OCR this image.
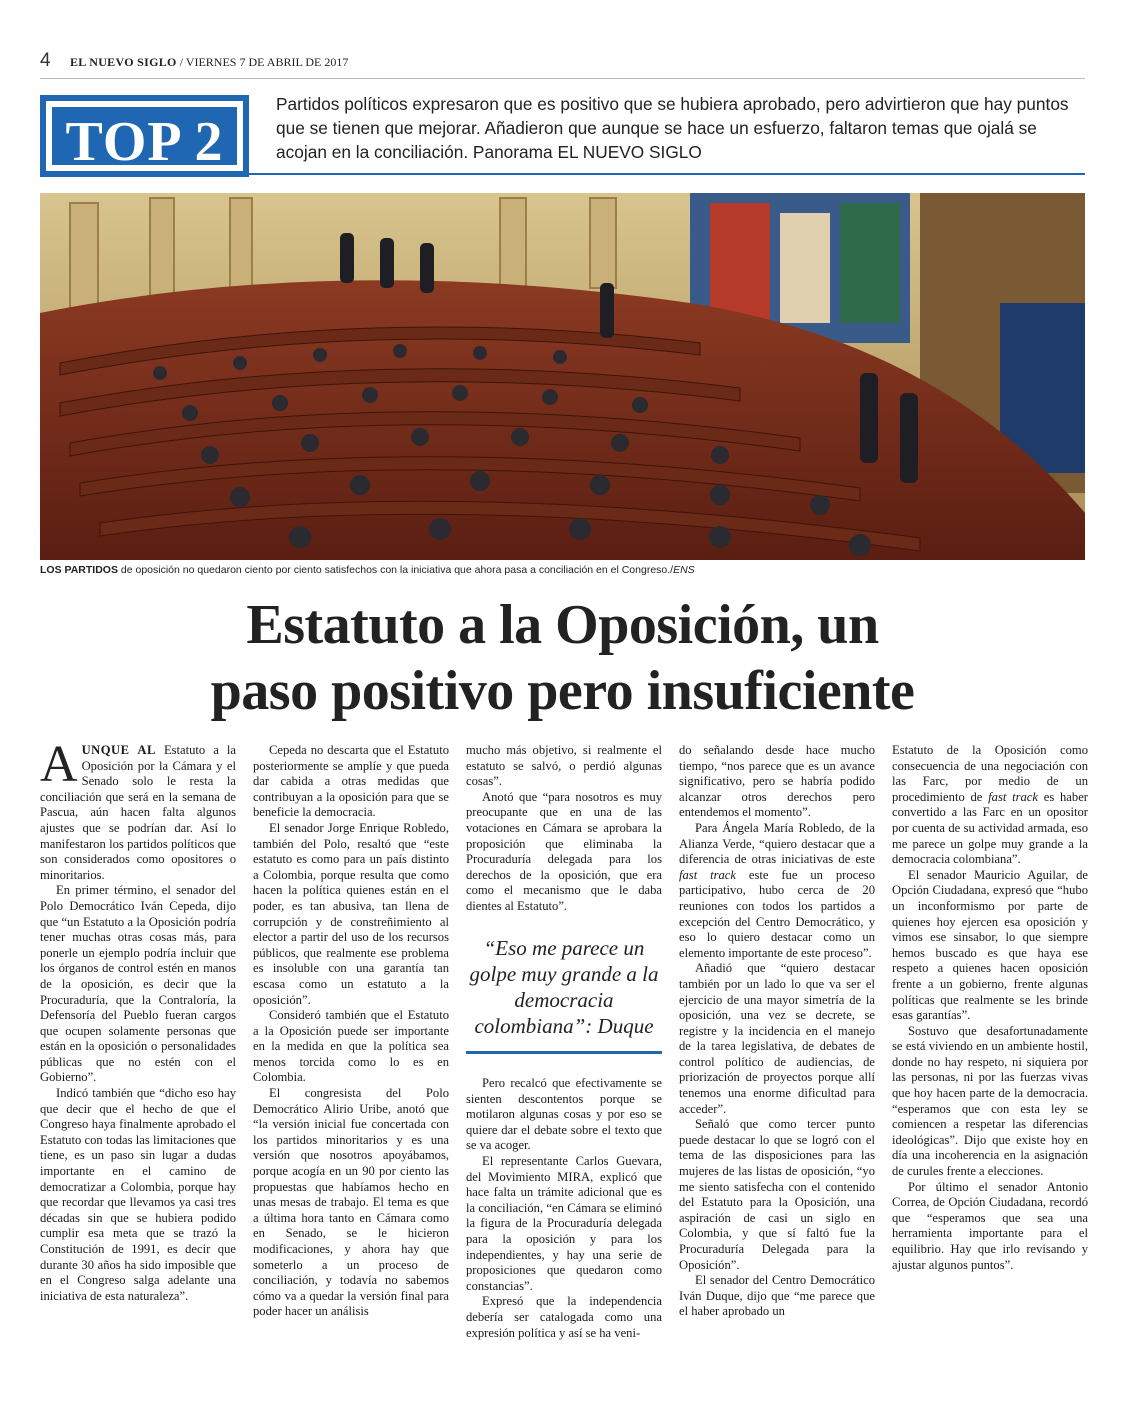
4 EL NUEVO SIGLO / VIERNES 7 DE ABRIL DE 2017
TOP 2
Partidos políticos expresaron que es positivo que se hubiera aprobado, pero advirtieron que hay puntos que se tienen que mejorar. Añadieron que aunque se hace un esfuerzo, faltaron temas que ojalá se acojan en la conciliación. Panorama EL NUEVO SIGLO
LOS PARTIDOS de oposición no quedaron ciento por ciento satisfechos con la iniciativa que ahora pasa a conciliación en el Congreso./ENS
Estatuto a la Oposición, un
paso positivo pero insuficiente

AUNQUE AL Estatuto a la Oposición por la Cámara y el Senado solo le resta la conciliación que será en la semana de Pascua, aún hacen falta algunos ajustes que se podrían dar. Así lo manifestaron los partidos políticos que son considerados como opositores o minoritarios.

En primer término, el senador del Polo Democrático Iván Cepeda, dijo que “un Estatuto a la Oposición podría tener muchas otras cosas más, para ponerle un ejemplo podría incluir que los órganos de control estén en manos de la oposición, es decir que la Procuraduría, que la Contraloría, la Defensoría del Pueblo fueran cargos que ocupen solamente personas que están en la oposición o personalidades públicas que no estén con el Gobierno”.

Indicó también que “dicho eso hay que decir que el hecho de que el Congreso haya finalmente aprobado el Estatuto con todas las limitaciones que tiene, es un paso sin lugar a dudas importante en el camino de democratizar a Colombia, porque hay que recordar que llevamos ya casi tres décadas sin que se hubiera podido cumplir esa meta que se trazó la Constitución de 1991, es decir que durante 30 años ha sido imposible que en el Congreso salga adelante una iniciativa de esta naturaleza”.

Cepeda no descarta que el Estatuto posteriormente se amplíe y que pueda dar cabida a otras medidas que contribuyan a la oposición para que se beneficie la democracia.

El senador Jorge Enrique Robledo, también del Polo, resaltó que “este estatuto es como para un país distinto a Colombia, porque resulta que como hacen la política quienes están en el poder, es tan abusiva, tan llena de corrupción y de constreñimiento al elector a partir del uso de los recursos públicos, que realmente ese problema es insoluble con una garantía tan escasa como un estatuto a la oposición”.

Consideró también que el Estatuto a la Oposición puede ser importante en la medida en que la política sea menos torcida como lo es en Colombia.

El congresista del Polo Democrático Alirio Uribe, anotó que “la versión inicial fue concertada con los partidos minoritarios y es una versión que nosotros apoyábamos, porque acogía en un 90 por ciento las propuestas que habíamos hecho en unas mesas de trabajo. El tema es que a última hora tanto en Cámara como en Senado, se le hicieron modificaciones, y ahora hay que someterlo a un proceso de conciliación, y todavía no sabemos cómo va a quedar la versión final para poder hacer un análisis

mucho más objetivo, si realmente el estatuto se salvó, o perdió algunas cosas”.

Anotó que “para nosotros es muy preocupante que en una de las votaciones en Cámara se aprobara la proposición que eliminaba la Procuraduría delegada para los derechos de la oposición, que era como el mecanismo que le daba dientes al Estatuto”.

“Eso me parece un golpe muy grande a la democracia colombiana”: Duque

Pero recalcó que efectivamente se sienten descontentos porque se motilaron algunas cosas y por eso se quiere dar el debate sobre el texto que se va acoger.

El representante Carlos Guevara, del Movimiento MIRA, explicó que hace falta un trámite adicional que es la conciliación, “en Cámara se eliminó la figura de la Procuraduría delegada para la oposición y para los independientes, y hay una serie de proposiciones que quedaron como constancias”.

Expresó que la independencia debería ser catalogada como una expresión política y así se ha veni-

do señalando desde hace mucho tiempo, “nos parece que es un avance significativo, pero se habría podido alcanzar otros derechos pero entendemos el momento”.

Para Ángela María Robledo, de la Alianza Verde, “quiero destacar que a diferencia de otras iniciativas de este fast track este fue un proceso participativo, hubo cerca de 20 reuniones con todos los partidos a excepción del Centro Democrático, y eso lo quiero destacar como un elemento importante de este proceso”.

Añadió que “quiero destacar también por un lado lo que va ser el ejercicio de una mayor simetría de la oposición, una vez se decrete, se registre y la incidencia en el manejo de la tarea legislativa, de debates de control político de audiencias, de priorización de proyectos porque allí tenemos una enorme dificultad para acceder”.

Señaló que como tercer punto puede destacar lo que se logró con el tema de las disposiciones para las mujeres de las listas de oposición, “yo me siento satisfecha con el contenido del Estatuto para la Oposición, una aspiración de casi un siglo en Colombia, y que sí faltó fue la Procuraduría Delegada para la Oposición”.

El senador del Centro Democrático Iván Duque, dijo que “me parece que el haber aprobado un

Estatuto de la Oposición como consecuencia de una negociación con las Farc, por medio de un procedimiento de fast track es haber convertido a las Farc en un opositor por cuenta de su actividad armada, eso me parece un golpe muy grande a la democracia colombiana”.

El senador Mauricio Aguilar, de Opción Ciudadana, expresó que “hubo un inconformismo por parte de quienes hoy ejercen esa oposición y vimos ese sinsabor, lo que siempre hemos buscado es que haya ese respeto a quienes hacen oposición frente a un gobierno, frente algunas políticas que realmente se les brinde esas garantías”.

Sostuvo que desafortunadamente se está viviendo en un ambiente hostil, donde no hay respeto, ni siquiera por las personas, ni por las fuerzas vivas que hoy hacen parte de la democracia. “esperamos que con esta ley se comiencen a respetar las diferencias ideológicas”. Dijo que existe hoy en día una incoherencia en la asignación de curules frente a elecciones.

Por último el senador Antonio Correa, de Opción Ciudadana, recordó que “esperamos que sea una herramienta importante para el equilibrio. Hay que irlo revisando y ajustar algunos puntos”.
